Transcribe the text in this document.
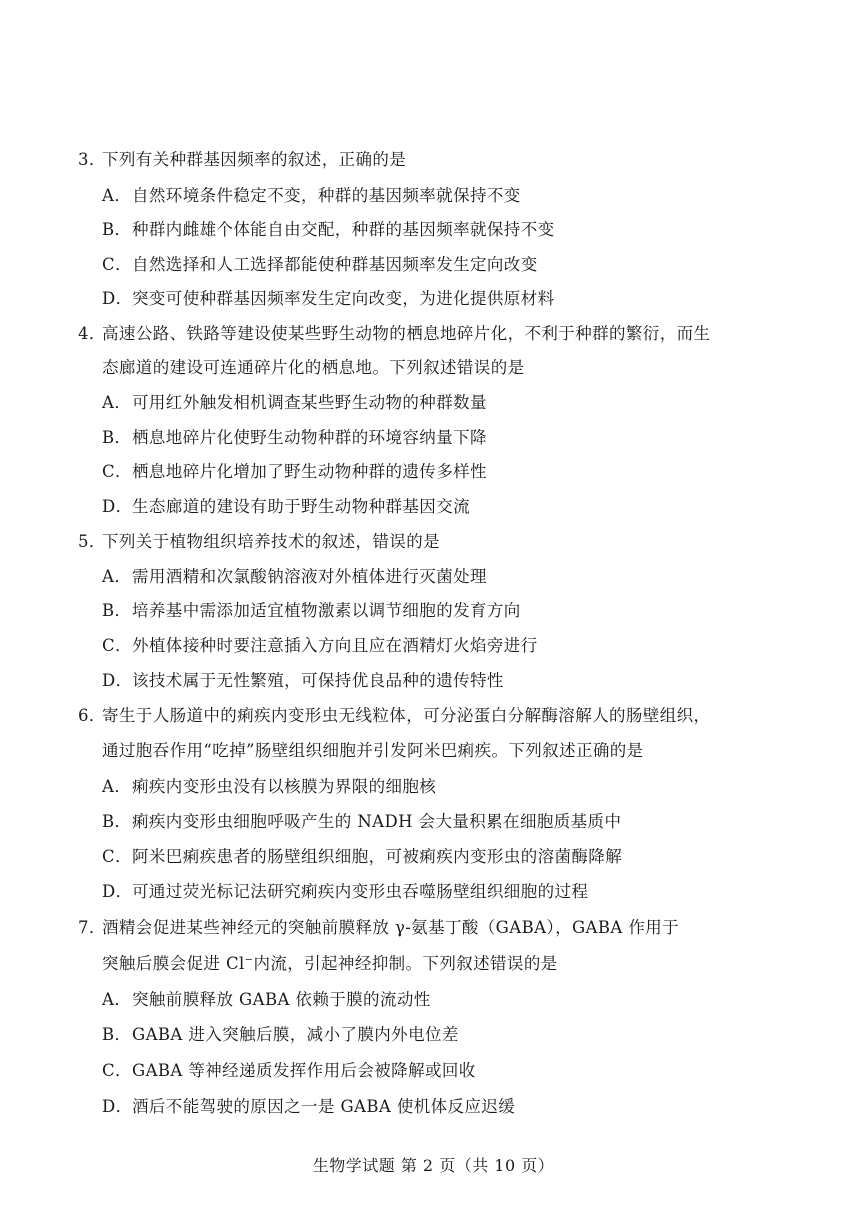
3．下列有关种群基因频率的叙述，正确的是
A．自然环境条件稳定不变，种群的基因频率就保持不变
B．种群内雌雄个体能自由交配，种群的基因频率就保持不变
C．自然选择和人工选择都能使种群基因频率发生定向改变
D．突变可使种群基因频率发生定向改变，为进化提供原材料
4．高速公路、铁路等建设使某些野生动物的栖息地碎片化，不利于种群的繁衍，而生
态廊道的建设可连通碎片化的栖息地。下列叙述错误的是
A．可用红外触发相机调查某些野生动物的种群数量
B．栖息地碎片化使野生动物种群的环境容纳量下降
C．栖息地碎片化增加了野生动物种群的遗传多样性
D．生态廊道的建设有助于野生动物种群基因交流
5．下列关于植物组织培养技术的叙述，错误的是
A．需用酒精和次氯酸钠溶液对外植体进行灭菌处理
B．培养基中需添加适宜植物激素以调节细胞的发育方向
C．外植体接种时要注意插入方向且应在酒精灯火焰旁进行
D．该技术属于无性繁殖，可保持优良品种的遗传特性
6．寄生于人肠道中的痢疾内变形虫无线粒体，可分泌蛋白分解酶溶解人的肠壁组织，
通过胞吞作用“吃掉”肠壁组织细胞并引发阿米巴痢疾。下列叙述正确的是
A．痢疾内变形虫没有以核膜为界限的细胞核
B．痢疾内变形虫细胞呼吸产生的 NADH 会大量积累在细胞质基质中
C．阿米巴痢疾患者的肠壁组织细胞，可被痢疾内变形虫的溶菌酶降解
D．可通过荧光标记法研究痢疾内变形虫吞噬肠壁组织细胞的过程
7．酒精会促进某些神经元的突触前膜释放 γ-氨基丁酸（GABA），GABA 作用于
突触后膜会促进 Cl−内流，引起神经抑制。下列叙述错误的是
A．突触前膜释放 GABA 依赖于膜的流动性
B．GABA 进入突触后膜，减小了膜内外电位差
C．GABA 等神经递质发挥作用后会被降解或回收
D．酒后不能驾驶的原因之一是 GABA 使机体反应迟缓
生物学试题 第 2 页（共 10 页）
